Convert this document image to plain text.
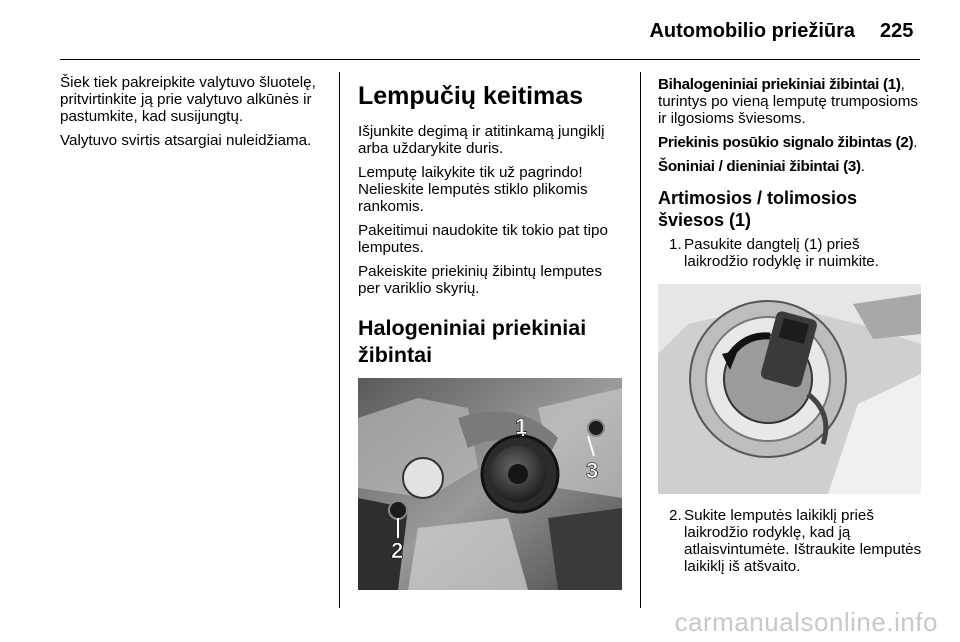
Automobilio priežiūra 225

Šiek tiek pakreipkite valytuvo šluotelę, pritvirtinkite ją prie valytuvo alkūnės ir pastumkite, kad susijungtų.

Valytuvo svirtis atsargiai nuleidžiama.

Lempučių keitimas

Išjunkite degimą ir atitinkamą jungiklį arba uždarykite duris.

Lemputę laikykite tik už pagrindo! Nelieskite lemputės stiklo plikomis rankomis.

Pakeitimui naudokite tik tokio pat tipo lemputes.

Pakeiskite priekinių žibintų lemputes per variklio skyrių.

Halogeniniai priekiniai žibintai
1
2
3

Bihalogeniniai priekiniai žibintai (1), turintys po vieną lemputę trumposioms ir ilgosioms šviesoms.

Priekinis posūkio signalo žibintas (2).

Šoniniai / dieniniai žibintai (3).

Artimosios / tolimosios šviesos (1)
1. Pasukite dangtelį (1) prieš laikrodžio rodyklę ir nuimkite.
2. Sukite lemputės laikiklį prieš laikrodžio rodyklę, kad ją atlaisvintumėte. Ištraukite lemputės laikiklį iš atšvaito.
carmanualsonline.info
